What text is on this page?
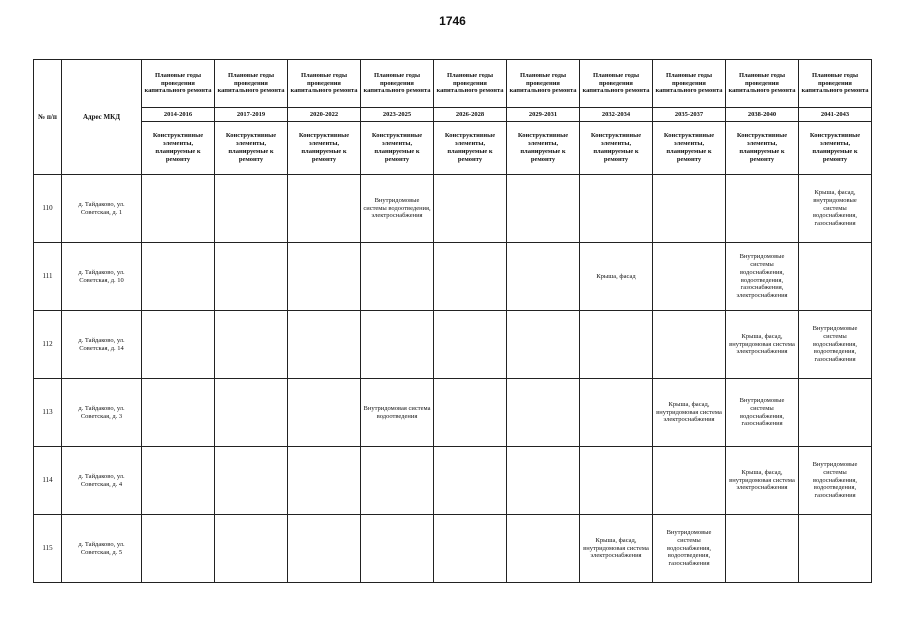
1746
№ п/п	Адрес МКД	Плановые годы проведения капитального ремонта	Плановые годы проведения капитального ремонта	Плановые годы проведения капитального ремонта	Плановые годы проведения капитального ремонта	Плановые годы проведения капитального ремонта	Плановые годы проведения капитального ремонта	Плановые годы проведения капитального ремонта	Плановые годы проведения капитального ремонта	Плановые годы проведения капитального ремонта	Плановые годы проведения капитального ремонта
		2014-2016	2017-2019	2020-2022	2023-2025	2026-2028	2029-2031	2032-2034	2035-2037	2038-2040	2041-2043
		Конструктивные элементы, планируемые к ремонту	Конструктивные элементы, планируемые к ремонту	Конструктивные элементы, планируемые к ремонту	Конструктивные элементы, планируемые к ремонту	Конструктивные элементы, планируемые к ремонту	Конструктивные элементы, планируемые к ремонту	Конструктивные элементы, планируемые к ремонту	Конструктивные элементы, планируемые к ремонту	Конструктивные элементы, планируемые к ремонту	Конструктивные элементы, планируемые к ремонту
110	д. Тайдаково, ул. Советская, д. 1				Внутридомовые системы водоотведения, электроснабжения						Крыша, фасад, внутридомовые системы водоснабжения, газоснабжения
111	д. Тайдаково, ул. Советская, д. 10							Крыша, фасад		Внутридомовые системы водоснабжения, водоотведения, газоснабжения, электроснабжения	
112	д. Тайдаково, ул. Советская, д. 14									Крыша, фасад, внутридомовая система электроснабжения	Внутридомовые системы водоснабжения, водоотведения, газоснабжения
113	д. Тайдаково, ул. Советская, д. 3				Внутридомовая система водоотведения				Крыша, фасад, внутридомовая система электроснабжения	Внутридомовые системы водоснабжения, газоснабжения	
114	д. Тайдаково, ул. Советская, д. 4									Крыша, фасад, внутридомовая система электроснабжения	Внутридомовые системы водоснабжения, водоотведения, газоснабжения
115	д. Тайдаково, ул. Советская, д. 5							Крыша, фасад, внутридомовая система электроснабжения	Внутридомовые системы водоснабжения, водоотведения, газоснабжения		
